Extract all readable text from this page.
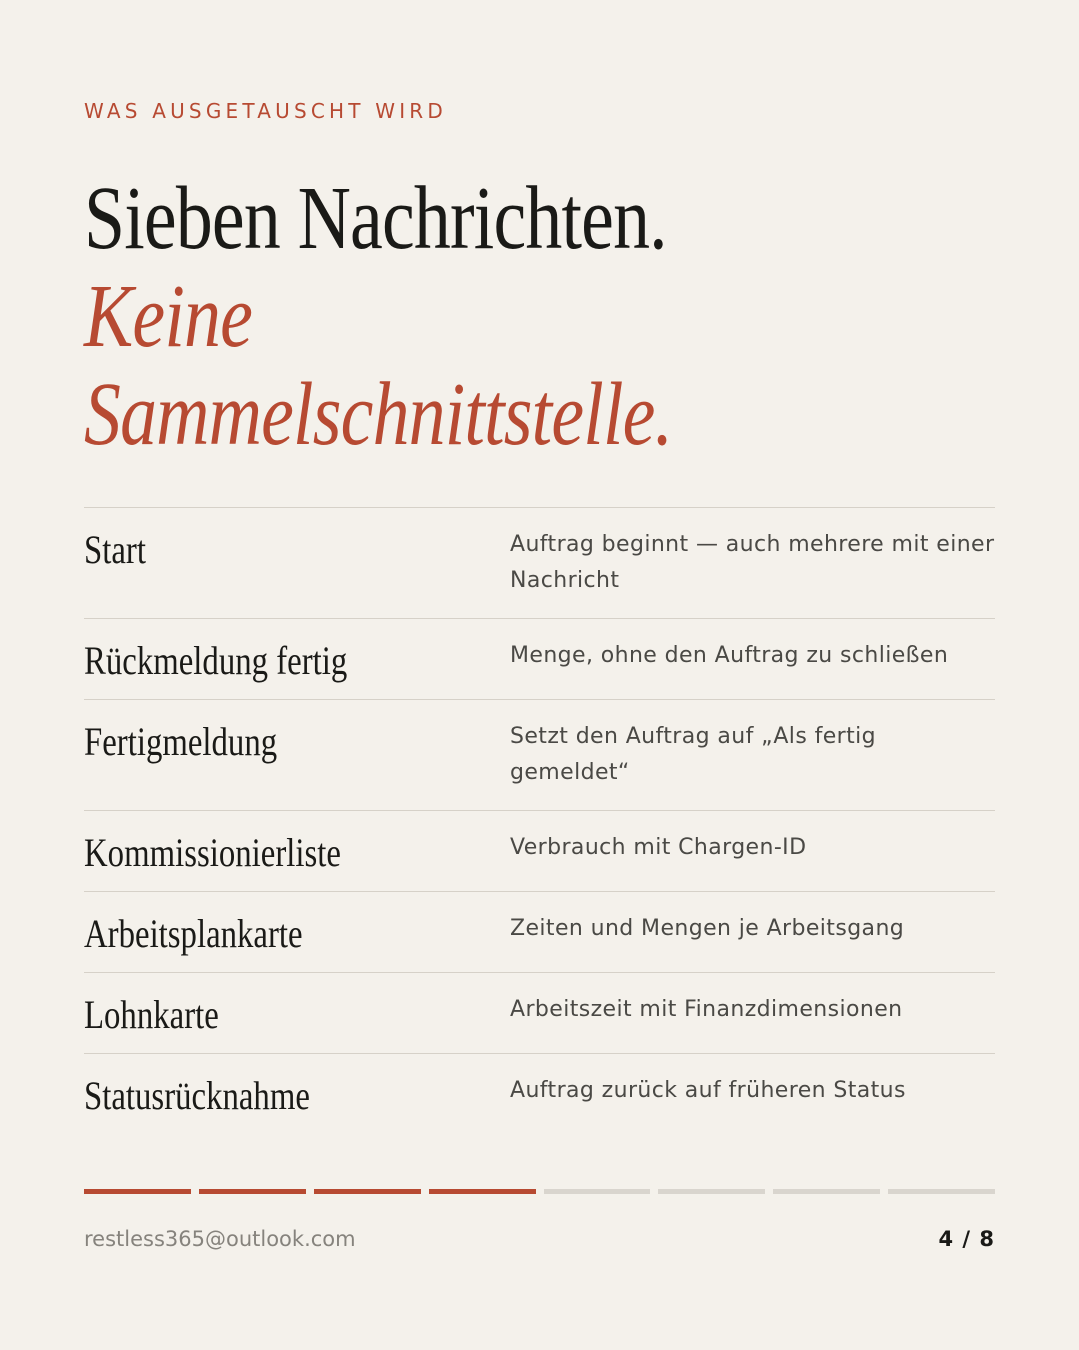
WAS AUSGETAUSCHT WIRD
Sieben Nachrichten.
Keine
Sammelschnittstelle.
Start	Auftrag beginnt — auch mehrere mit einer Nachricht
Rückmeldung fertig	Menge, ohne den Auftrag zu schließen
Fertigmeldung	Setzt den Auftrag auf „Als fertig gemeldet“
Kommissionierliste	Verbrauch mit Chargen-ID
Arbeitsplankarte	Zeiten und Mengen je Arbeitsgang
Lohnkarte	Arbeitszeit mit Finanzdimensionen
Statusrücknahme	Auftrag zurück auf früheren Status
restless365@outlook.com	4 / 8
